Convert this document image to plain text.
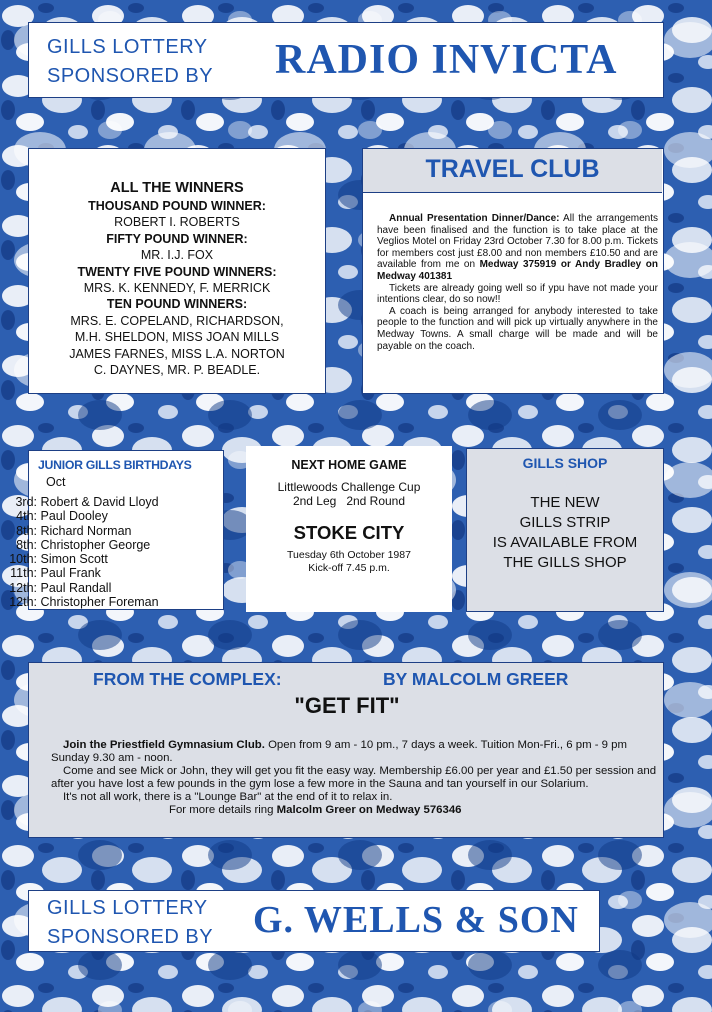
GILLS LOTTERY
SPONSORED BY RADIO INVICTA
ALL THE WINNERS

THOUSAND POUND WINNER:

ROBERT I. ROBERTS

FIFTY POUND WINNER:

MR. I.J. FOX

TWENTY FIVE POUND WINNERS:

MRS. K. KENNEDY, F. MERRICK

TEN POUND WINNERS:

MRS. E. COPELAND, RICHARDSON,

M.H. SHELDON, MISS JOAN MILLS

JAMES FARNES, MISS L.A. NORTON

C. DAYNES, MR. P. BEADLE.

TRAVEL CLUB

Annual Presentation Dinner/Dance: All the arrangements have been finalised and the function is to take place at the Veglios Motel on Friday 23rd October 7.30 for 8.00 p.m. Tickets for members cost just £8.00 and non members £10.50 and are available from me on Medway 375919 or Andy Bradley on Medway 401381

Tickets are already going well so if ypu have not made your intentions clear, do so now!!

A coach is being arranged for anybody interested to take people to the function and will pick up virtually anywhere in the Medway Towns. A small charge will be made and will be payable on the coach.

JUNIOR GILLS BIRTHDAYS
Oct
3rd: Robert & David Lloyd
4th: Paul Dooley
8th: Richard Norman
8th: Christopher George
10th: Simon Scott
11th: Paul Frank
12th: Paul Randall
12th: Christopher Foreman
NEXT HOME GAME
Littlewoods Challenge Cup
2nd Leg   2nd Round
STOKE CITY
Tuesday 6th October 1987
Kick-off 7.45 p.m.
GILLS SHOP
THE NEW
GILLS STRIP
IS AVAILABLE FROM
THE GILLS SHOP
FROM THE COMPLEX:	BY MALCOLM GREER
"GET FIT"

Join the Priestfield Gymnasium Club. Open from 9 am - 10 pm., 7 days a week. Tuition Mon-Fri., 6 pm - 9 pm Sunday 9.30 am - noon.

Come and see Mick or John, they will get you fit the easy way. Membership £6.00 per year and £1.50 per session and after you have lost a few pounds in the gym lose a few more in the Sauna and tan yourself in our Solarium.

It's not all work, there is a "Lounge Bar" at the end of it to relax in.

For more details ring Malcolm Greer on Medway 576346

GILLS LOTTERY
SPONSORED BY G. WELLS & SON
